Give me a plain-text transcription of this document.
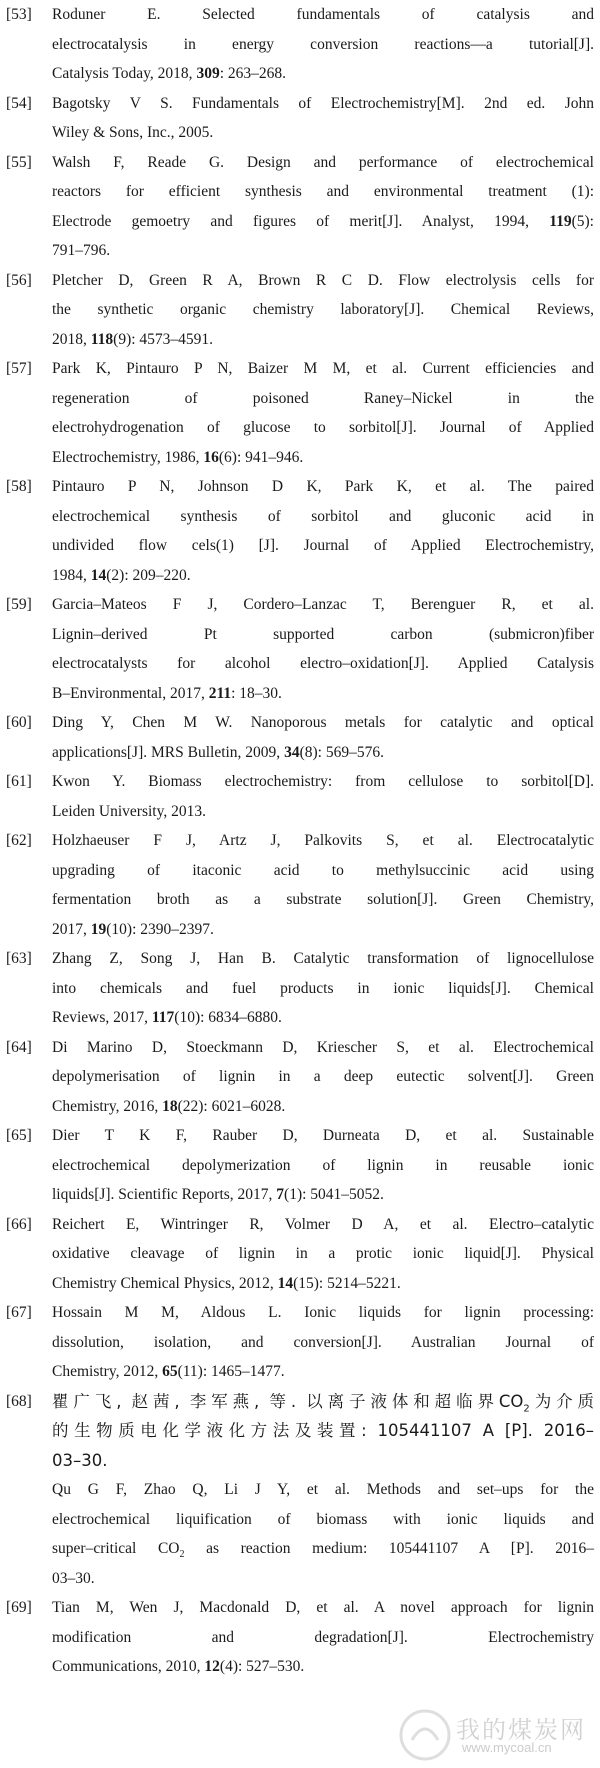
[53] Roduner E. Selected fundamentals of catalysis and
electrocatalysis in energy conversion reactions—a tutorial[J].
Catalysis Today, 2018, 309: 263–268.
[54] Bagotsky V S. Fundamentals of Electrochemistry[M]. 2nd ed. John
Wiley & Sons, Inc., 2005.
[55] Walsh F, Reade G. Design and performance of electrochemical
reactors for efficient synthesis and environmental treatment (1):
Electrode gemoetry and figures of merit[J]. Analyst, 1994, 119(5):
791–796.
[56] Pletcher D, Green R A, Brown R C D. Flow electrolysis cells for
the synthetic organic chemistry laboratory[J]. Chemical Reviews,
2018, 118(9): 4573–4591.
[57] Park K, Pintauro P N, Baizer M M, et al. Current efficiencies and
regeneration of poisoned Raney–Nickel in the
electrohydrogenation of glucose to sorbitol[J]. Journal of Applied
Electrochemistry, 1986, 16(6): 941–946.
[58] Pintauro P N, Johnson D K, Park K, et al. The paired
electrochemical synthesis of sorbitol and gluconic acid in
undivided flow cels(1) [J]. Journal of Applied Electrochemistry,
1984, 14(2): 209–220.
[59] Garcia–Mateos F J, Cordero–Lanzac T, Berenguer R, et al.
Lignin–derived Pt supported carbon (submicron)fiber
electrocatalysts for alcohol electro–oxidation[J]. Applied Catalysis
B–Environmental, 2017, 211: 18–30.
[60] Ding Y, Chen M W. Nanoporous metals for catalytic and optical
applications[J]. MRS Bulletin, 2009, 34(8): 569–576.
[61] Kwon Y. Biomass electrochemistry: from cellulose to sorbitol[D].
Leiden University, 2013.
[62] Holzhaeuser F J, Artz J, Palkovits S, et al. Electrocatalytic
upgrading of itaconic acid to methylsuccinic acid using
fermentation broth as a substrate solution[J]. Green Chemistry,
2017, 19(10): 2390–2397.
[63] Zhang Z, Song J, Han B. Catalytic transformation of lignocellulose
into chemicals and fuel products in ionic liquids[J]. Chemical
Reviews, 2017, 117(10): 6834–6880.
[64] Di Marino D, Stoeckmann D, Kriescher S, et al. Electrochemical
depolymerisation of lignin in a deep eutectic solvent[J]. Green
Chemistry, 2016, 18(22): 6021–6028.
[65] Dier T K F, Rauber D, Durneata D, et al. Sustainable
electrochemical depolymerization of lignin in reusable ionic
liquids[J]. Scientific Reports, 2017, 7(1): 5041–5052.
[66] Reichert E, Wintringer R, Volmer D A, et al. Electro–catalytic
oxidative cleavage of lignin in a protic ionic liquid[J]. Physical
Chemistry Chemical Physics, 2012, 14(15): 5214–5221.
[67] Hossain M M, Aldous L. Ionic liquids for lignin processing:
dissolution, isolation, and conversion[J]. Australian Journal of
Chemistry, 2012, 65(11): 1465–1477.
[68] 瞿广飞, 赵茜, 李军燕, 等. 以离子液体和超临界$CO_2$为介质
的生物质电化学液化方法及装置: 105441107 A [P]. 2016–
03–30.
Qu G F, Zhao Q, Li J Y, et al. Methods and set–ups for the
electrochemical liquification of biomass with ionic liquids and
super–critical $CO_2$ as reaction medium: 105441107 A [P]. 2016–
03–30.
[69] Tian M, Wen J, Macdonald D, et al. A novel approach for lignin
modification and degradation[J]. Electrochemistry
Communications, 2010, 12(4): 527–530.
我的煤炭网
www.mycoal.cn
